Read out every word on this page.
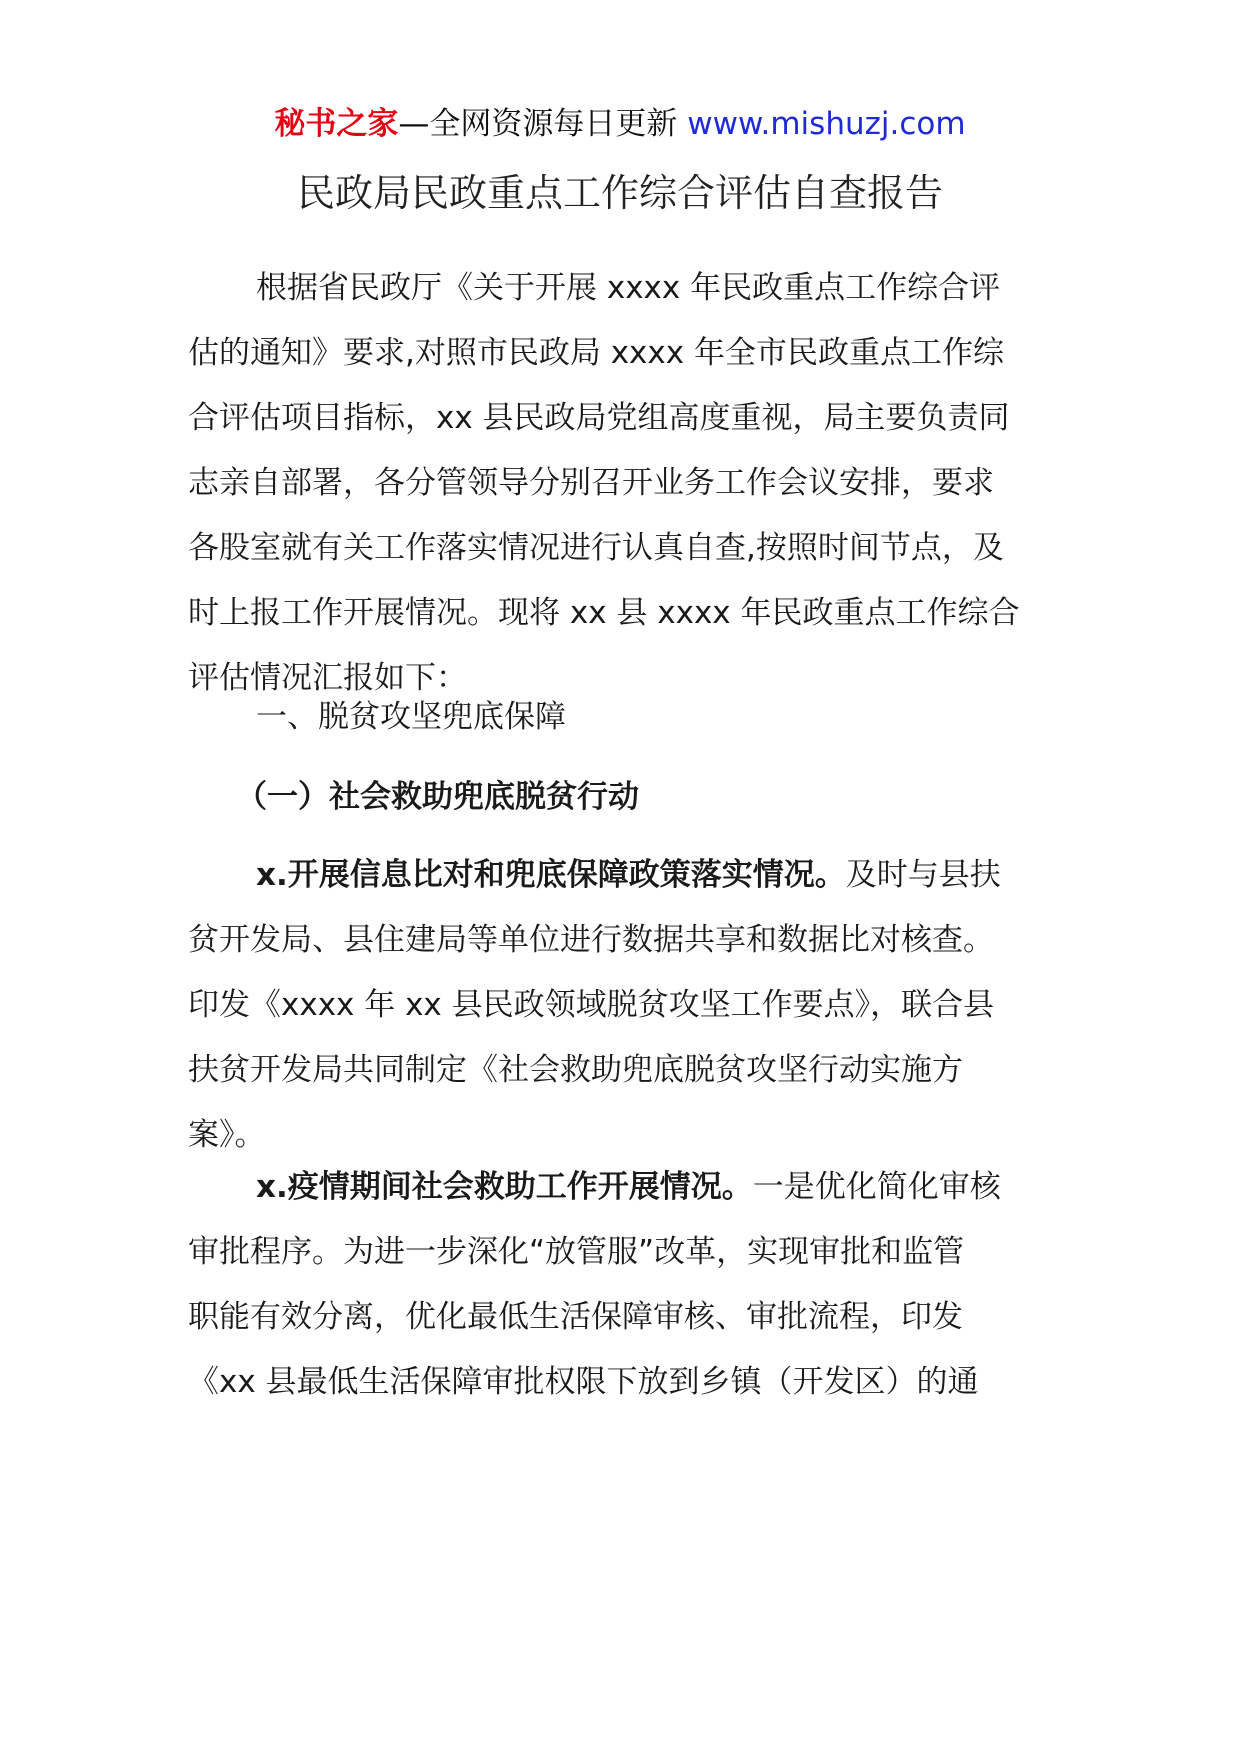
秘书之家—全网资源每日更新 www.mishuzj.com
民政局民政重点工作综合评估自查报告
根据省民政厅《关于开展 xxxx 年民政重点工作综合评
估的通知》要求,对照市民政局 xxxx 年全市民政重点工作综
合评估项目指标，xx 县民政局党组高度重视，局主要负责同
志亲自部署，各分管领导分别召开业务工作会议安排，要求
各股室就有关工作落实情况进行认真自查,按照时间节点，及
时上报工作开展情况。现将 xx 县 xxxx 年民政重点工作综合
评估情况汇报如下：
一、脱贫攻坚兜底保障
（一）社会救助兜底脱贫行动
x.开展信息比对和兜底保障政策落实情况。及时与县扶
贫开发局、县住建局等单位进行数据共享和数据比对核查。
印发《xxxx 年 xx 县民政领域脱贫攻坚工作要点》，联合县
扶贫开发局共同制定《社会救助兜底脱贫攻坚行动实施方
案》。
x.疫情期间社会救助工作开展情况。一是优化简化审核
审批程序。为进一步深化“放管服”改革，实现审批和监管
职能有效分离，优化最低生活保障审核、审批流程，印发
《xx 县最低生活保障审批权限下放到乡镇（开发区）的通
